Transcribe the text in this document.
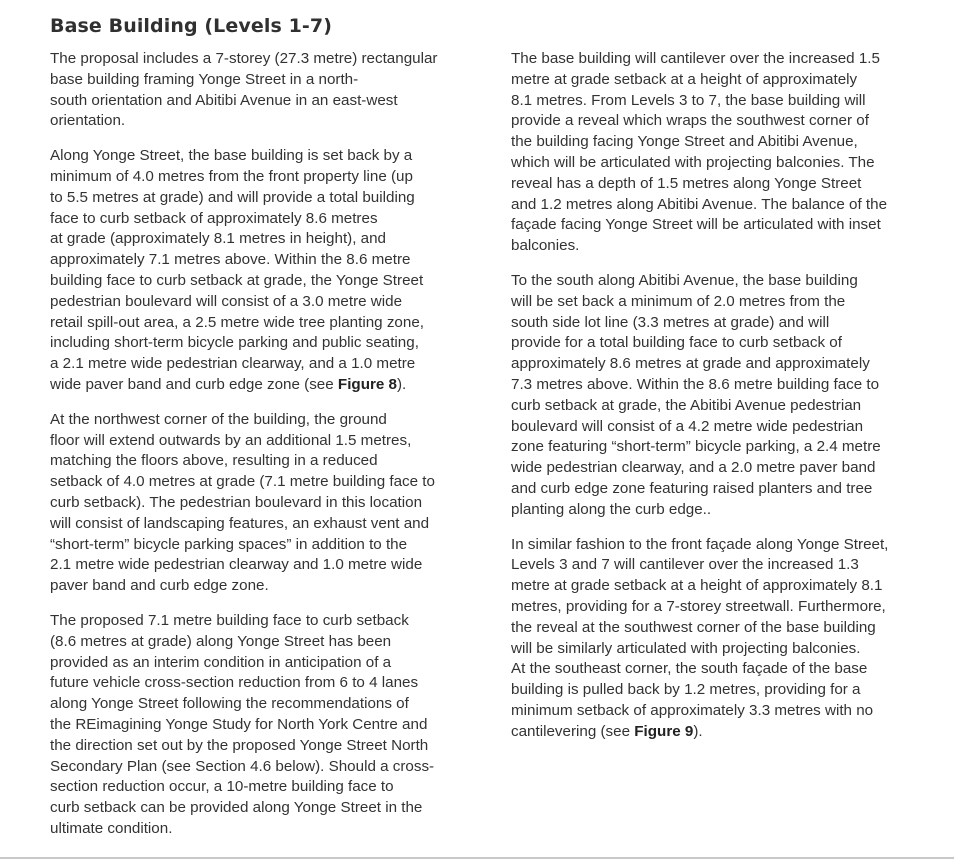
Base Building (Levels 1-7)

The proposal includes a 7-storey (27.3 metre) rectangular
base building framing Yonge Street in a north-
south orientation and Abitibi Avenue in an east-west
orientation.

Along Yonge Street, the base building is set back by a
minimum of 4.0 metres from the front property line (up
to 5.5 metres at grade) and will provide a total building
face to curb setback of approximately 8.6 metres
at grade (approximately 8.1 metres in height), and
approximately 7.1 metres above. Within the 8.6 metre
building face to curb setback at grade, the Yonge Street
pedestrian boulevard will consist of a 3.0 metre wide
retail spill-out area, a 2.5 metre wide tree planting zone,
including short-term bicycle parking and public seating,
a 2.1 metre wide pedestrian clearway, and a 1.0 metre
wide paver band and curb edge zone (see Figure 8).

At the northwest corner of the building, the ground
floor will extend outwards by an additional 1.5 metres,
matching the floors above, resulting in a reduced
setback of 4.0 metres at grade (7.1 metre building face to
curb setback). The pedestrian boulevard in this location
will consist of landscaping features, an exhaust vent and
“short-term” bicycle parking spaces” in addition to the
2.1 metre wide pedestrian clearway and 1.0 metre wide
paver band and curb edge zone.

The proposed 7.1 metre building face to curb setback
(8.6 metres at grade) along Yonge Street has been
provided as an interim condition in anticipation of a
future vehicle cross-section reduction from 6 to 4 lanes
along Yonge Street following the recommendations of
the REimagining Yonge Study for North York Centre and
the direction set out by the proposed Yonge Street North
Secondary Plan (see Section 4.6 below). Should a cross-
section reduction occur, a 10-metre building face to
curb setback can be provided along Yonge Street in the
ultimate condition.

The base building will cantilever over the increased 1.5
metre at grade setback at a height of approximately
8.1 metres. From Levels 3 to 7, the base building will
provide a reveal which wraps the southwest corner of
the building facing Yonge Street and Abitibi Avenue,
which will be articulated with projecting balconies. The
reveal has a depth of 1.5 metres along Yonge Street
and 1.2 metres along Abitibi Avenue. The balance of the
façade facing Yonge Street will be articulated with inset
balconies.

To the south along Abitibi Avenue, the base building
will be set back a minimum of 2.0 metres from the
south side lot line (3.3 metres at grade) and will
provide for a total building face to curb setback of
approximately 8.6 metres at grade and approximately
7.3 metres above. Within the 8.6 metre building face to
curb setback at grade, the Abitibi Avenue pedestrian
boulevard will consist of a 4.2 metre wide pedestrian
zone featuring “short-term” bicycle parking, a 2.4 metre
wide pedestrian clearway, and a 2.0 metre paver band
and curb edge zone featuring raised planters and tree
planting along the curb edge..

In similar fashion to the front façade along Yonge Street,
Levels 3 and 7 will cantilever over the increased 1.3
metre at grade setback at a height of approximately 8.1
metres, providing for a 7-storey streetwall. Furthermore,
the reveal at the southwest corner of the base building
will be similarly articulated with projecting balconies.
At the southeast corner, the south façade of the base
building is pulled back by 1.2 metres, providing for a
minimum setback of approximately 3.3 metres with no
cantilevering (see Figure 9).
